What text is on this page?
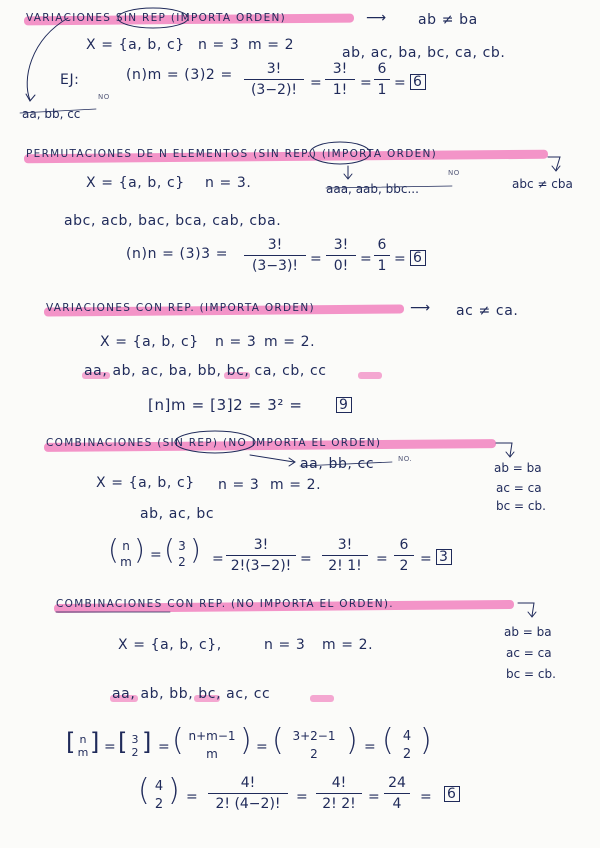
VARIACIONES SIN REP (IMPORTA ORDEN)	⟶ ab ≠ ba
X = {a, b, c} n = 3 m = 2	ab, ac, ba, bc, ca, cb.
EJ:	(n)m = (3)2 =	3!
(3−2)! =
3!
1! =
6
1 = 6
aa, bb, cc
NO
PERMUTACIONES DE N ELEMENTOS (SIN REP.) (IMPORTA ORDEN)
abc ≠ cba
X = {a, b, c} n = 3.	aaa, aab, bbc...
NO
abc, acb, bac, bca, cab, cba.
(n)n = (3)3 =
3!
(3−3)! =
3!
0! =
6
1 = 6
VARIACIONES CON REP. (IMPORTA ORDEN)	⟶ ac ≠ ca.
X = {a, b, c} n = 3 m = 2.
aa, ab, ac, ba, bb, bc, ca, cb, cc
[n]m = [3]2 = 3² =	9
COMBINACIONES (SIN REP) (NO IMPORTA EL ORDEN)
aa, bb, cc	NO.
ab = ba
ac = ca
bc = cb.
X = {a, b, c} n = 3 m = 2.
ab, ac, bc
( n
m ) = ( 3
2 ) =
3!
2!(3−2)! =
3!
2! 1!	=
6
2 = 3
COMBINACIONES CON REP. (NO IMPORTA EL ORDEN).
ab = ba
ac = ca
bc = cb.
X = {a, b, c},	n = 3 m = 2.
aa, ab, bb, bc, ac, cc
[ n
m ] = [ 3
2 ] = ( n+m−1
m ) = ( 3+2−1
2 ) = ( 4
2 )
( 4
2 ) =
4!
2! (4−2)!	=
4!
2! 2! =
24
4	= 6
